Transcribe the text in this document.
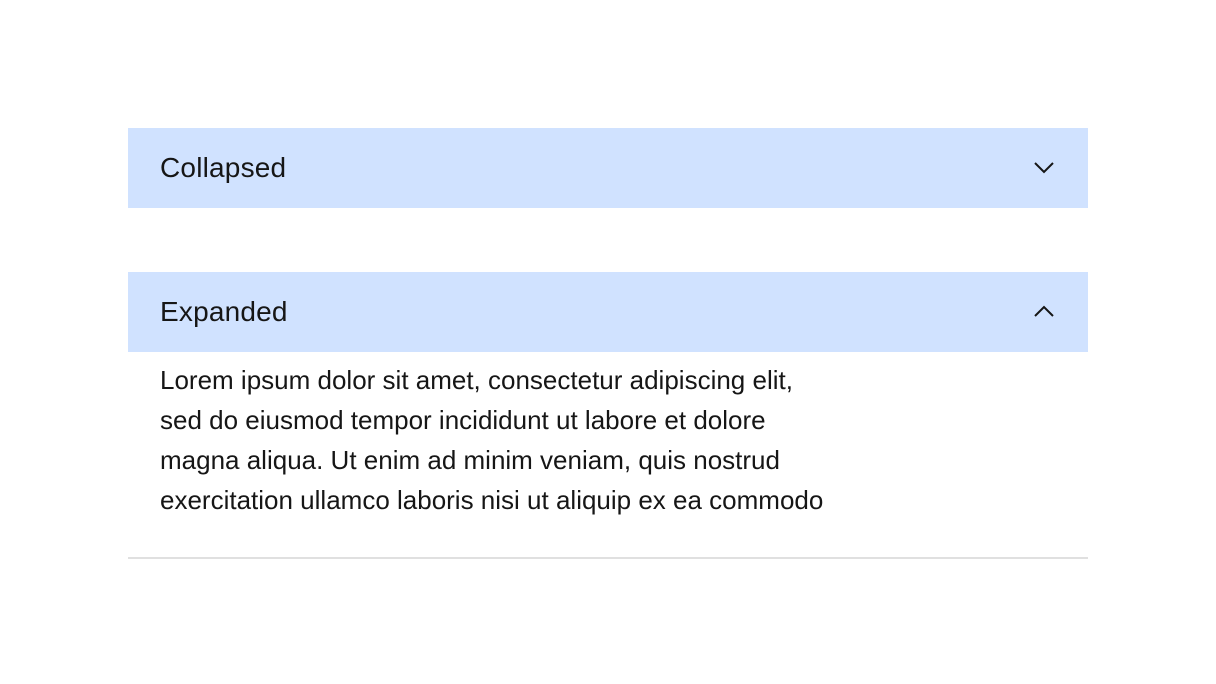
Collapsed
Expanded
Lorem ipsum dolor sit amet, consectetur adipiscing elit,
sed do eiusmod tempor incididunt ut labore et dolore
magna aliqua. Ut enim ad minim veniam, quis nostrud
exercitation ullamco laboris nisi ut aliquip ex ea commodo
